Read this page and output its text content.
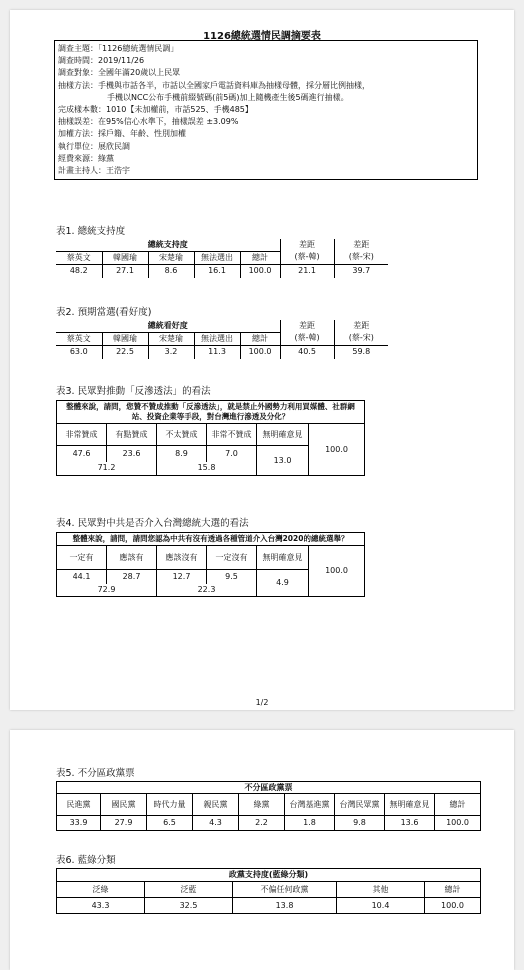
1126總統選情民調摘要表
調查主題：「1126總統選情民調」
調查時間：2019/11/26
調查對象：全國年滿20歲以上民眾
抽樣方法：手機與市話各半，市話以全國家戶電話資料庫為抽樣母體，採分層比例抽樣，
手機以NCC公布手機前綴號碼(前5碼)加上隨機產生後5碼進行抽樣。
完成樣本數：1010【未加權前，市話525、手機485】
抽樣誤差：在95%信心水準下，抽樣誤差 ±3.09%
加權方法：採戶籍、年齡、性別加權
執行單位：展欣民調
經費來源：綠黨
計畫主持人：王浩宇
表1. 總統支持度
總統支持度					差距	差距
蔡英文	韓國瑜	宋楚瑜	無法選出	總計	(蔡-韓)	(蔡-宋)
48.2	27.1	8.6	16.1	100.0	21.1	39.7
表2. 預期當選(看好度)
總統看好度					差距	差距
蔡英文	韓國瑜	宋楚瑜	無法選出	總計	(蔡-韓)	(蔡-宋)
63.0	22.5	3.2	11.3	100.0	40.5	59.8
表3. 民眾對推動「反滲透法」的看法
整體來說，請問，您贊不贊成推動「反滲透法」，就是禁止外國勢力利用買媒體、社群網站、投資企業等手段，對台灣進行滲透及分化？					
非常贊成	有點贊成	不太贊成	非常不贊成	無明確意見	100.0
47.6	23.6	8.9	7.0	13.0	
71.2		15.8			
表4. 民眾對中共是否介入台灣總統大選的看法
整體來說，請問，請問您認為中共有沒有透過各種管道介入台灣2020的總統選舉？					
一定有	應該有	應該沒有	一定沒有	無明確意見	100.0
44.1	28.7	12.7	9.5	4.9	
72.9		22.3			
1/2
表5. 不分區政黨票
不分區政黨票								
民進黨	國民黨	時代力量	親民黨	綠黨	台灣基進黨	台灣民眾黨	無明確意見	總計
33.9	27.9	6.5	4.3	2.2	1.8	9.8	13.6	100.0
表6. 藍綠分類
政黨支持度(藍綠分類)				
泛綠	泛藍	不偏任何政黨	其他	總計
43.3	32.5	13.8	10.4	100.0
